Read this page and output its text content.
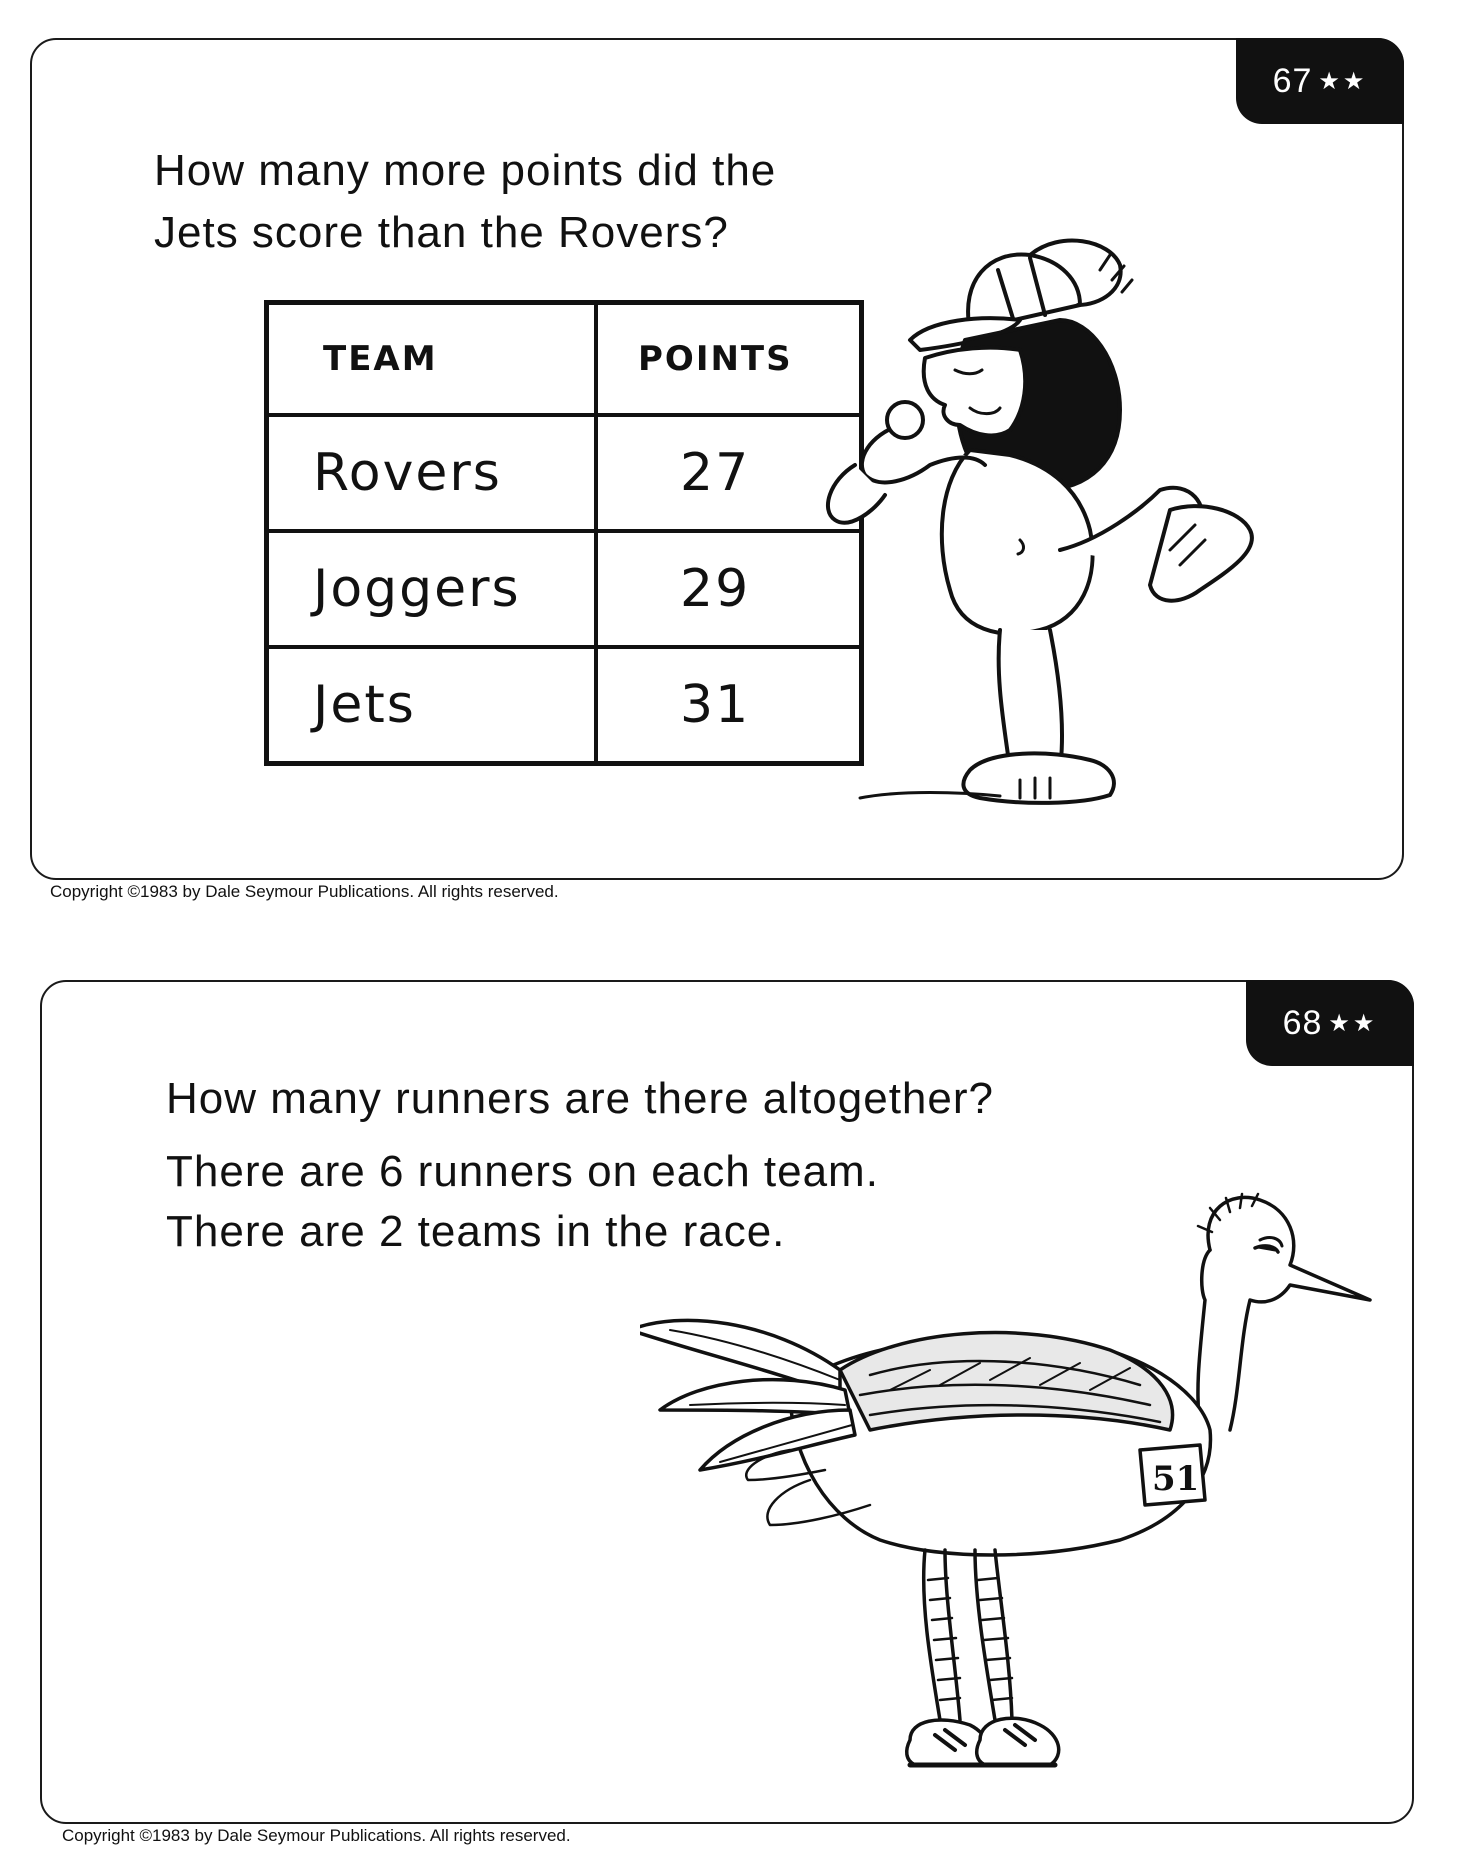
67 ★★

How many more points did the
Jets score than the Rovers?

TEAM	POINTS
Rovers	27
Joggers	29
Jets	31
Copyright ©1983 by Dale Seymour Publications. All rights reserved.
68 ★★

How many runners are there altogether?

There are 6 runners on each team.
There are 2 teams in the race.

51
Copyright ©1983 by Dale Seymour Publications. All rights reserved.
